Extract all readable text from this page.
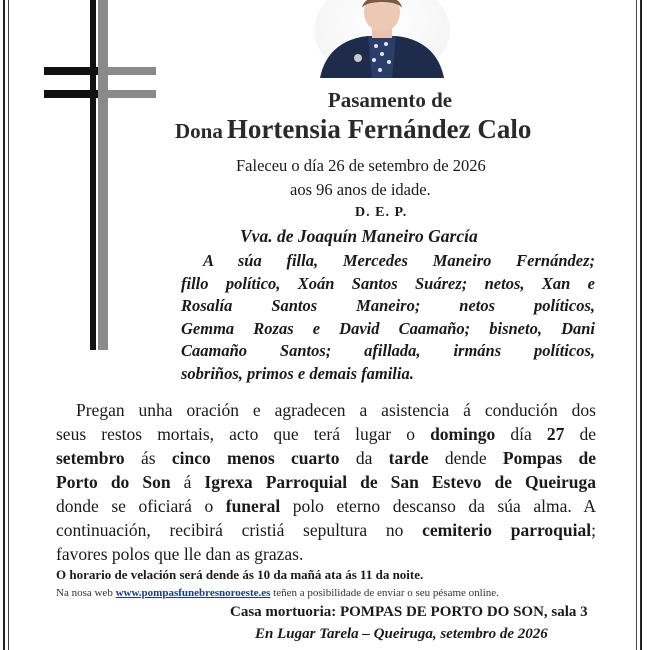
Pasamento de
Dona Hortensia Fernández Calo
Faleceu o día 26 de setembro de 2026
aos 96 anos de idade.
D. E. P.
Vva. de Joaquín Maneiro García
A súa filla, Mercedes Maneiro Fernández;
fillo político, Xoán Santos Suárez; netos, Xan e
Rosalía Santos Maneiro; netos políticos,
Gemma Rozas e David Caamaño; bisneto, Dani
Caamaño Santos; afillada, irmáns políticos,
sobriños, primos e demais familia.
Pregan unha oración e agradecen a asistencia á condución dos
seus restos mortais, acto que terá lugar o domingo día 27 de
setembro ás cinco menos cuarto da tarde dende Pompas de
Porto do Son á Igrexa Parroquial de San Estevo de Queiruga
donde se oficiará o funeral polo eterno descanso da súa alma. A
continuación, recibirá cristiá sepultura no cemiterio parroquial;
favores polos que lle dan as grazas.
O horario de velación será dende ás 10 da mañá ata ás 11 da noite.
Na nosa web www.pompasfunebresnoroeste.es teñen a posibilidade de enviar o seu pésame online.
Casa mortuoria: POMPAS DE PORTO DO SON, sala 3
En Lugar Tarela – Queiruga, setembro de 2026
